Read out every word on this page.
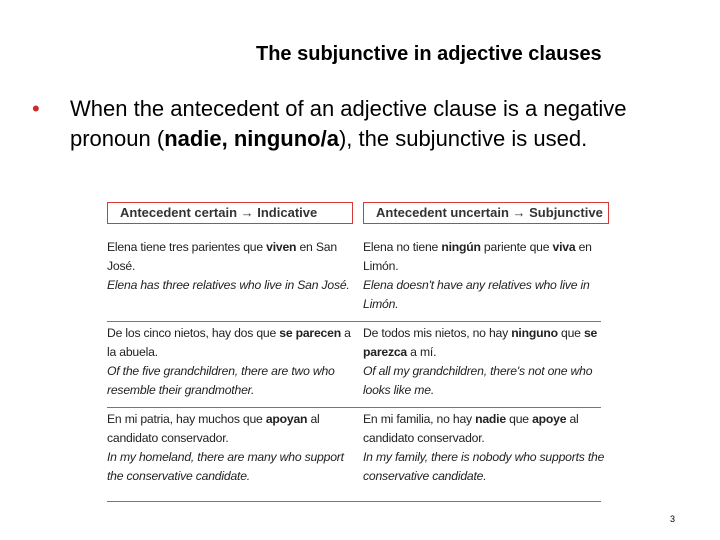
The subjunctive in adjective clauses
• When the antecedent of an adjective clause is a negative pronoun (nadie, ninguno/a), the subjunctive is used.
Antecedent certain → Indicative	Antecedent uncertain → Subjunctive
Elena tiene tres parientes que viven en San José.
Elena has three relatives who live in San José.
Elena no tiene ningún pariente que viva en Limón.
Elena doesn't have any relatives who live in Limón.
De los cinco nietos, hay dos que se parecen a la abuela.
Of the five grandchildren, there are two who resemble their grandmother.
De todos mis nietos, no hay ninguno que se parezca a mí.
Of all my grandchildren, there's not one who looks like me.
En mi patria, hay muchos que apoyan al candidato conservador.
In my homeland, there are many who support the conservative candidate.
En mi familia, no hay nadie que apoye al candidato conservador.
In my family, there is nobody who supports the conservative candidate.
3
